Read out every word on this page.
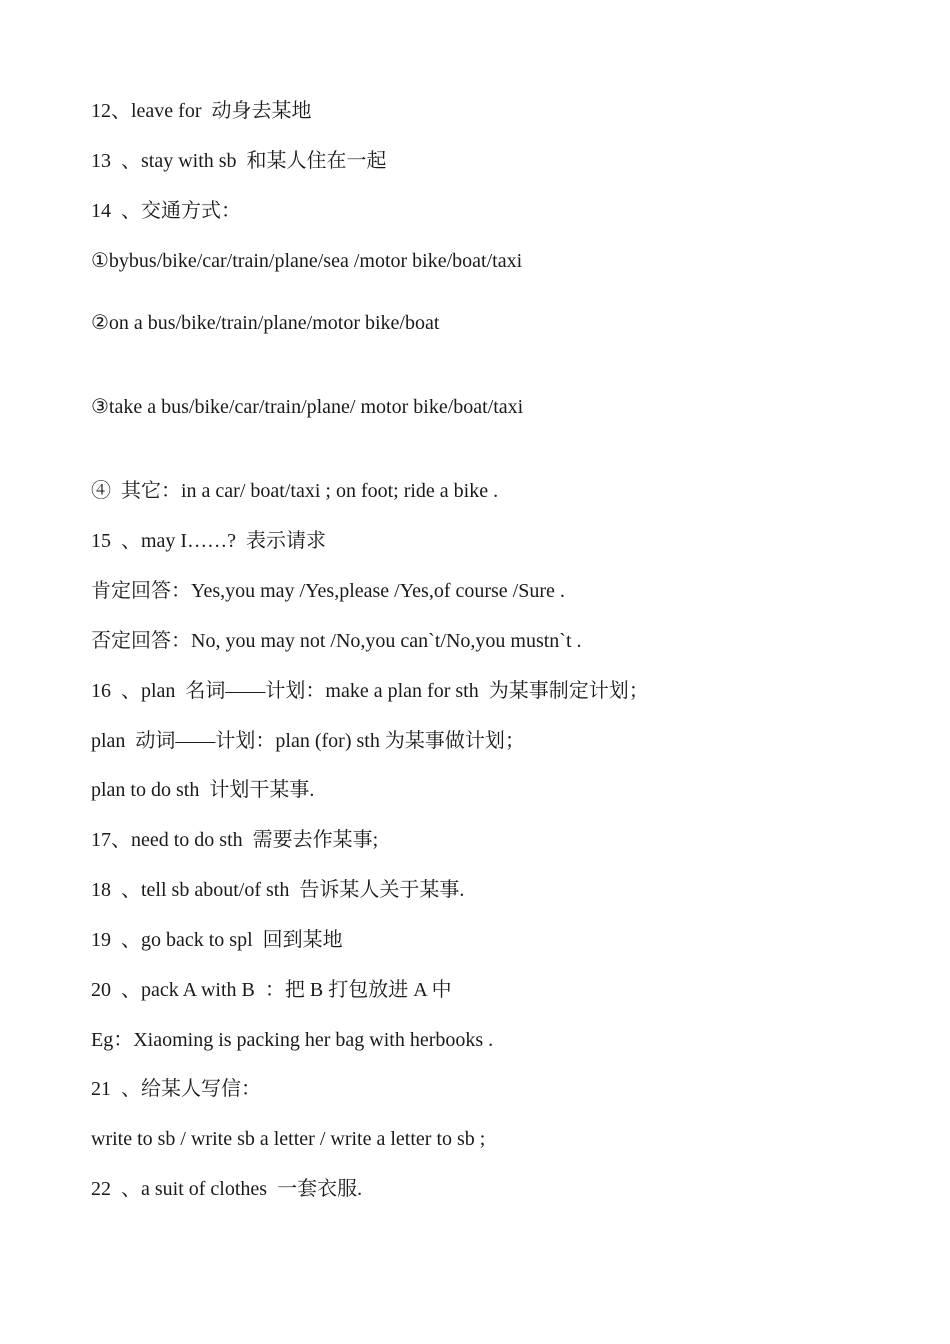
12、leave for  动身去某地
13  、stay with sb  和某人住在一起
14  、交通方式：
①bybus/bike/car/train/plane/sea /motor bike/boat/taxi
②on a bus/bike/train/plane/motor bike/boat
③take a bus/bike/car/train/plane/ motor bike/boat/taxi
④  其它：in a car/ boat/taxi ; on foot; ride a bike .
15  、may I……?  表示请求
肯定回答：Yes,you may /Yes,please /Yes,of course /Sure .
否定回答：No, you may not /No,you can`t/No,you mustn`t .
16  、plan  名词——计划：make a plan for sth  为某事制定计划；
plan  动词——计划：plan (for) sth 为某事做计划；
plan to do sth  计划干某事.
17、need to do sth  需要去作某事;
18  、tell sb about/of sth  告诉某人关于某事.
19  、go back to spl  回到某地
20  、pack A with B  ：把 B 打包放进 A 中
Eg：Xiaoming is packing her bag with herbooks .
21  、给某人写信：
write to sb / write sb a letter / write a letter to sb ;
22  、a suit of clothes  一套衣服.
